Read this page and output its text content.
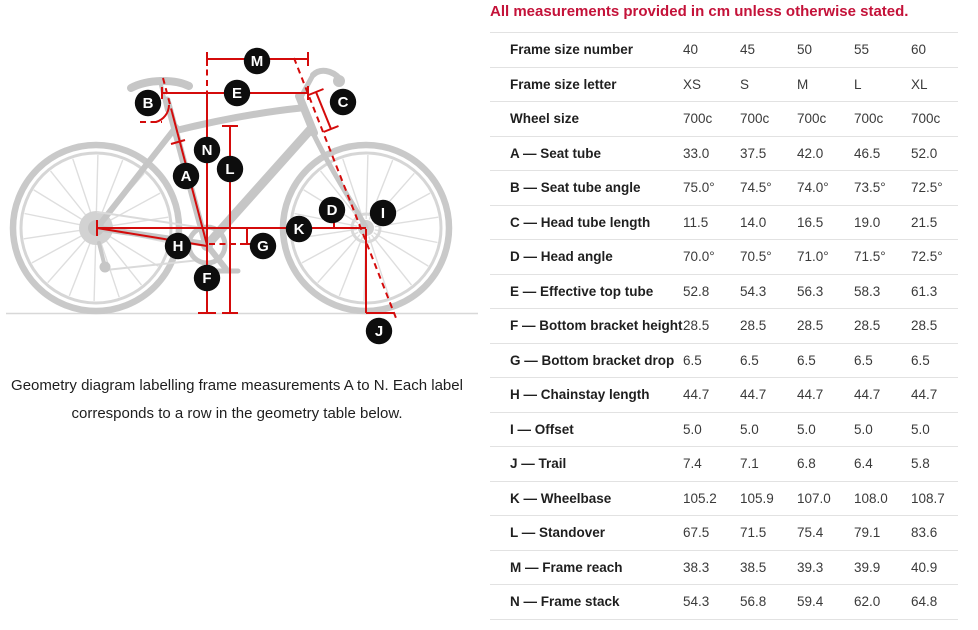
A
B	C
D
E
F
G
H
I
J
K
L
M
N
Geometry diagram labelling frame measurements A to N. Each label
corresponds to a row in the geometry table below.
All measurements provided in cm unless otherwise stated.
Frame size number	40	45	50	55	60
Frame size letter	XS	S	M	L	XL
Wheel size	700c	700c	700c	700c	700c
A — Seat tube	33.0	37.5	42.0	46.5	52.0
B — Seat tube angle	75.0°	74.5°	74.0°	73.5°	72.5°
C — Head tube length	11.5	14.0	16.5	19.0	21.5
D — Head angle	70.0°	70.5°	71.0°	71.5°	72.5°
E — Effective top tube	52.8	54.3	56.3	58.3	61.3
F — Bottom bracket height	28.5	28.5	28.5	28.5	28.5
G — Bottom bracket drop	6.5	6.5	6.5	6.5	6.5
H — Chainstay length	44.7	44.7	44.7	44.7	44.7
I — Offset	5.0	5.0	5.0	5.0	5.0
J — Trail	7.4	7.1	6.8	6.4	5.8
K — Wheelbase	105.2	105.9	107.0	108.0	108.7
L — Standover	67.5	71.5	75.4	79.1	83.6
M — Frame reach	38.3	38.5	39.3	39.9	40.9
N — Frame stack	54.3	56.8	59.4	62.0	64.8
